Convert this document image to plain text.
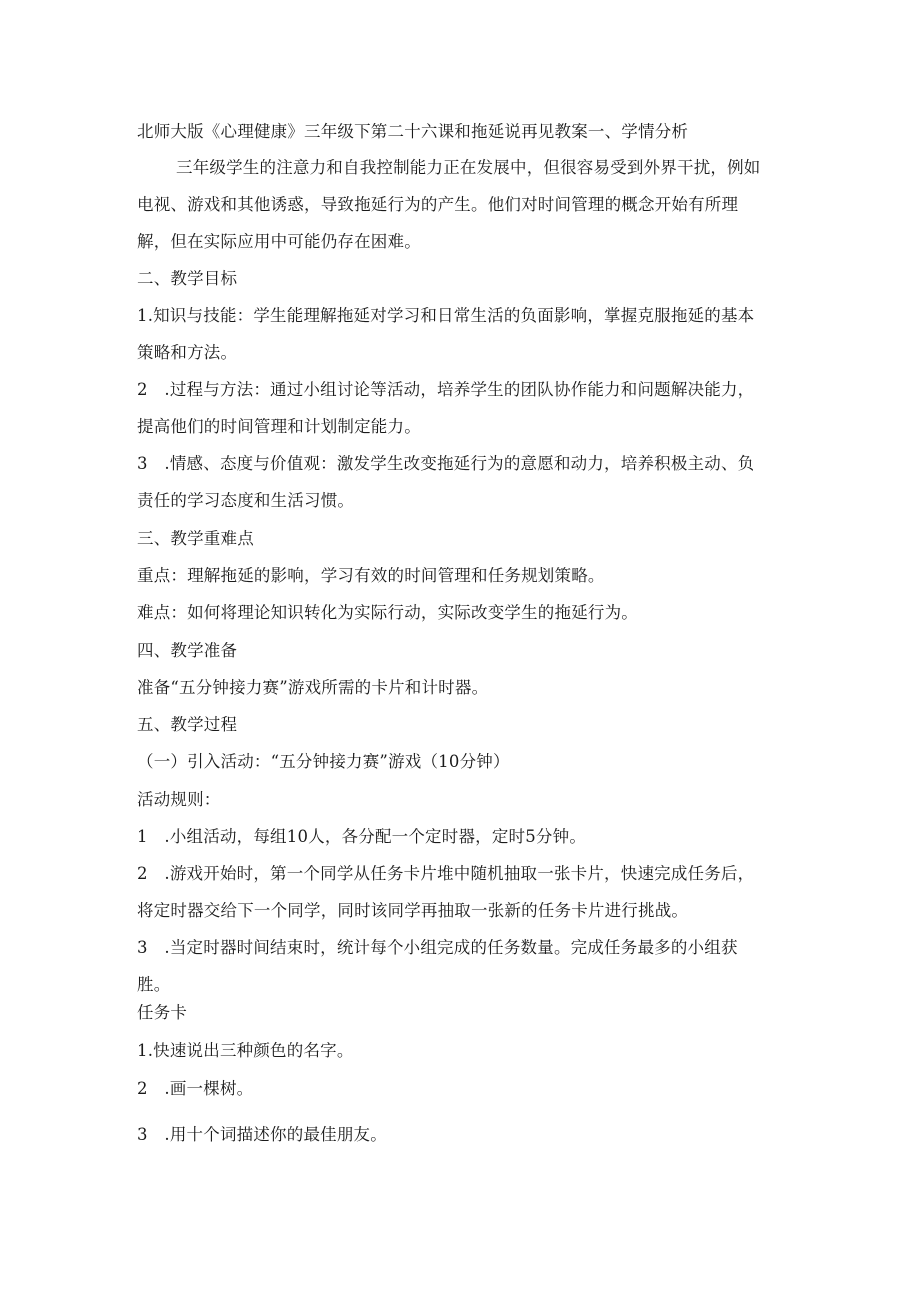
北师大版《心理健康》三年级下第二十六课和拖延说再见教案一、学情分析
三年级学生的注意力和自我控制能力正在发展中，但很容易受到外界干扰，例如
电视、游戏和其他诱惑，导致拖延行为的产生。他们对时间管理的概念开始有所理
解，但在实际应用中可能仍存在困难。
二、教学目标
1.知识与技能：学生能理解拖延对学习和日常生活的负面影响，掌握克服拖延的基本
策略和方法。
2　.过程与方法：通过小组讨论等活动，培养学生的团队协作能力和问题解决能力，
提高他们的时间管理和计划制定能力。
3　.情感、态度与价值观：激发学生改变拖延行为的意愿和动力，培养积极主动、负
责任的学习态度和生活习惯。
三、教学重难点
重点：理解拖延的影响，学习有效的时间管理和任务规划策略。
难点：如何将理论知识转化为实际行动，实际改变学生的拖延行为。
四、教学准备
准备“五分钟接力赛”游戏所需的卡片和计时器。
五、教学过程
（一）引入活动：“五分钟接力赛”游戏（10分钟）
活动规则：
1　.小组活动，每组10人，各分配一个定时器，定时5分钟。
2　.游戏开始时，第一个同学从任务卡片堆中随机抽取一张卡片，快速完成任务后，
将定时器交给下一个同学，同时该同学再抽取一张新的任务卡片进行挑战。
3　.当定时器时间结束时，统计每个小组完成的任务数量。完成任务最多的小组获
胜。
任务卡
1.快速说出三种颜色的名字。
2　.画一棵树。
3　.用十个词描述你的最佳朋友。
